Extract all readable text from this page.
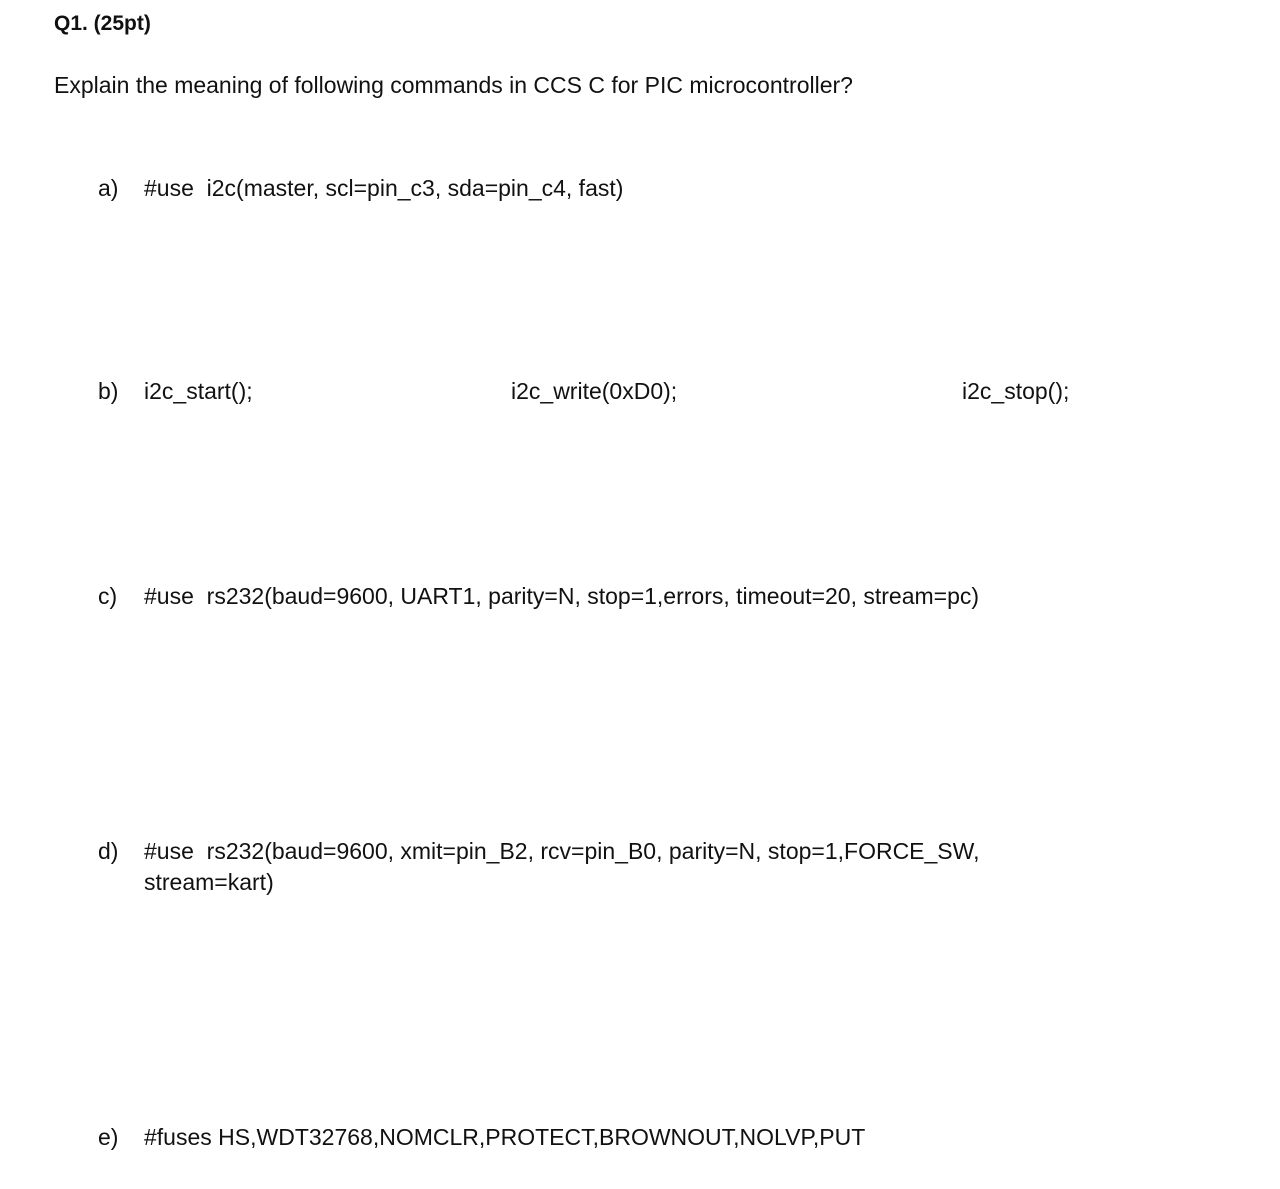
Q1. (25pt)
Explain the meaning of following commands in CCS C for PIC microcontroller?
a) #use  i2c(master, scl=pin_c3, sda=pin_c4, fast)
b) i2c_start();	i2c_write(0xD0);	i2c_stop();
c) #use  rs232(baud=9600, UART1, parity=N, stop=1,errors, timeout=20, stream=pc)
d) #use  rs232(baud=9600, xmit=pin_B2, rcv=pin_B0, parity=N, stop=1,FORCE_SW,
stream=kart)
e) #fuses HS,WDT32768,NOMCLR,PROTECT,BROWNOUT,NOLVP,PUT
